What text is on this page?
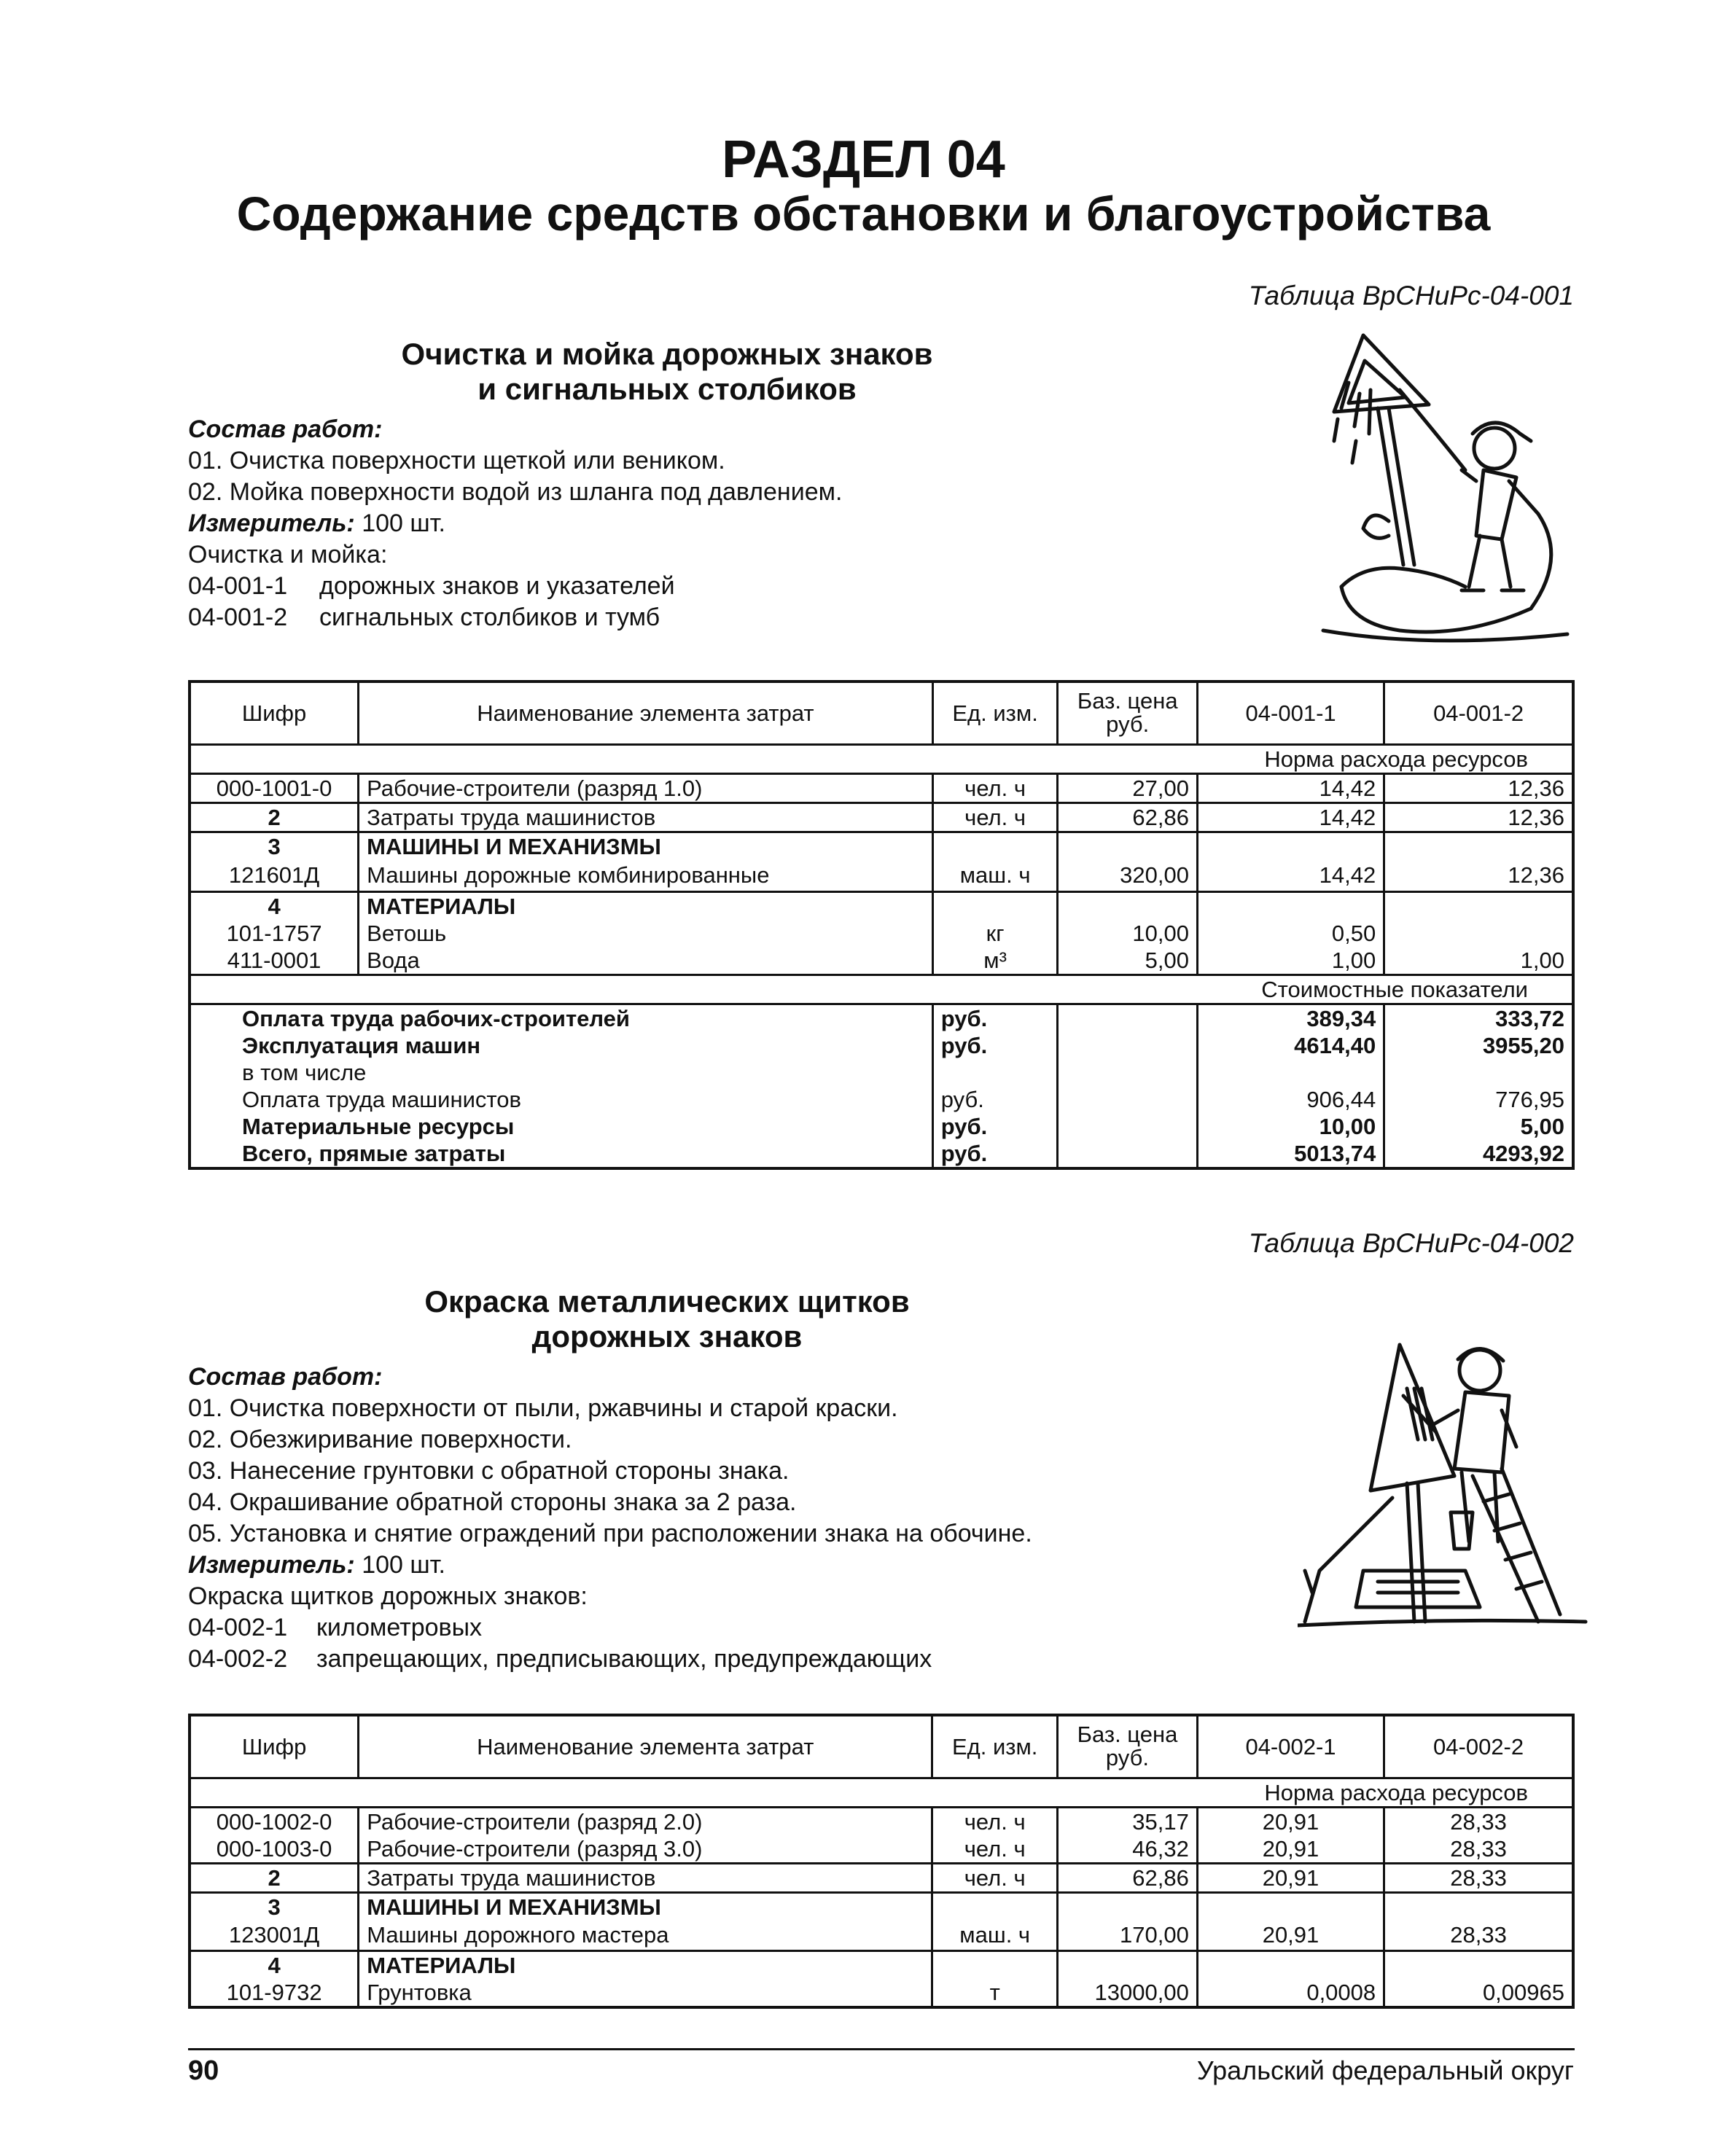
РАЗДЕЛ 04
Содержание средств обстановки и благоустройства
Таблица ВрСНиРс-04-001
Очистка и мойка дорожных знаков
и сигнальных столбиков
Состав работ:
01. Очистка поверхности щеткой или веником.
02. Мойка поверхности водой из шланга под давлением.
Измеритель: 100 шт.
Очистка и мойка:
04-001-1 дорожных знаков и указателей
04-001-2 сигнальных столбиков и тумб
Шифр	Наименование элемента затрат	Ед. изм.	Баз. цена руб.	04-001-1	04-001-2
Норма расхода ресурсов					
000-1001-0	Рабочие-строители (разряд 1.0)	чел. ч	27,00	14,42	12,36
2	Затраты труда машинистов	чел. ч	62,86	14,42	12,36
3	МАШИНЫ И МЕХАНИЗМЫ				
121601Д	Машины дорожные комбинированные	маш. ч	320,00	14,42	12,36
4	МАТЕРИАЛЫ				
101-1757	Ветошь	кг	10,00	0,50	
411-0001	Вода	м³	5,00	1,00	1,00
Стоимостные показатели					
Оплата труда рабочих-строителей		руб.		389,34	333,72
Эксплуатация машин		руб.		4614,40	3955,20
в том числе					
Оплата труда машинистов		руб.		906,44	776,95
Материальные ресурсы		руб.		10,00	5,00
Всего, прямые затраты		руб.		5013,74	4293,92
Таблица ВрСНиРс-04-002
Окраска металлических щитков
дорожных знаков
Состав работ:
01. Очистка поверхности от пыли, ржавчины и старой краски.
02. Обезжиривание поверхности.
03. Нанесение грунтовки с обратной стороны знака.
04. Окрашивание обратной стороны знака за 2 раза.
05. Установка и снятие ограждений при расположении знака на обочине.
Измеритель: 100 шт.
Окраска щитков дорожных знаков:
04-002-1 километровых
04-002-2 запрещающих, предписывающих, предупреждающих
Шифр	Наименование элемента затрат	Ед. изм.	Баз. цена руб.	04-002-1	04-002-2
Норма расхода ресурсов					
000-1002-0	Рабочие-строители (разряд 2.0)	чел. ч	35,17	20,91	28,33
000-1003-0	Рабочие-строители (разряд 3.0)	чел. ч	46,32	20,91	28,33
2	Затраты труда машинистов	чел. ч	62,86	20,91	28,33
3	МАШИНЫ И МЕХАНИЗМЫ				
123001Д	Машины дорожного мастера	маш. ч	170,00	20,91	28,33
4	МАТЕРИАЛЫ				
101-9732	Грунтовка	т	13000,00	0,0008	0,00965
90	Уральский федеральный округ
